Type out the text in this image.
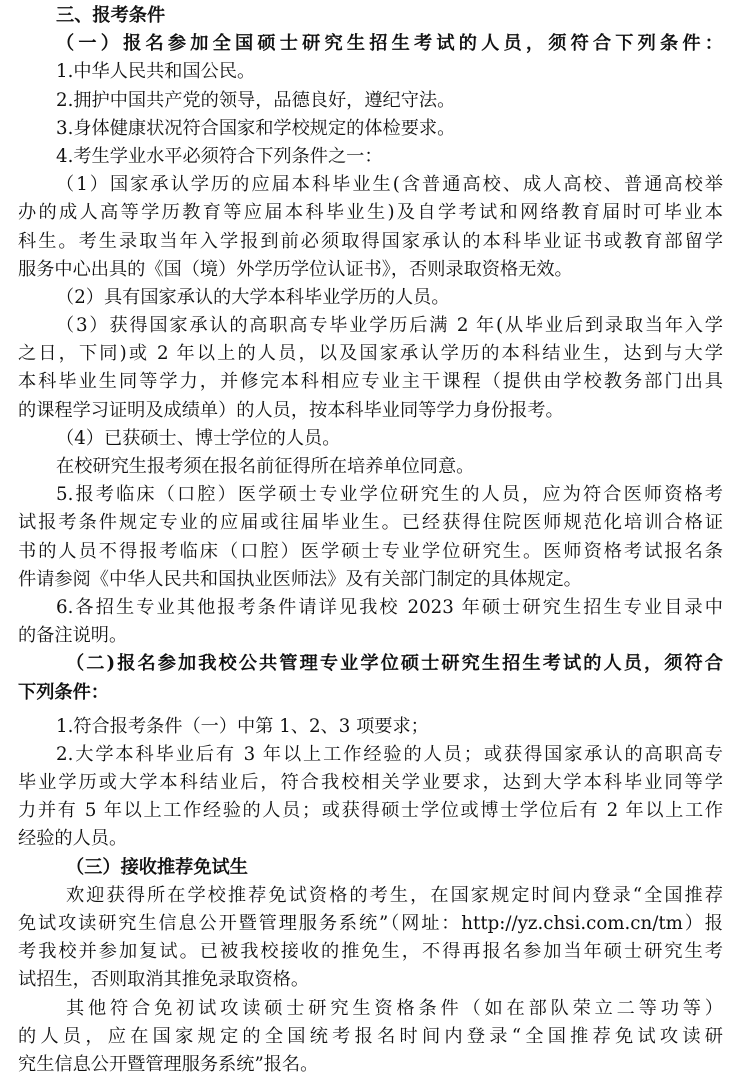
三、报考条件
（一）报名参加全国硕士研究生招生考试的人员，须符合下列条件：
1.中华人民共和国公民。
2.拥护中国共产党的领导，品德良好，遵纪守法。
3.身体健康状况符合国家和学校规定的体检要求。
4.考生学业水平必须符合下列条件之一：
（1）国家承认学历的应届本科毕业生(含普通高校、成人高校、普通高校举
办的成人高等学历教育等应届本科毕业生)及自学考试和网络教育届时可毕业本
科生。考生录取当年入学报到前必须取得国家承认的本科毕业证书或教育部留学
服务中心出具的《国（境）外学历学位认证书》，否则录取资格无效。
（2）具有国家承认的大学本科毕业学历的人员。
（3）获得国家承认的高职高专毕业学历后满 2 年(从毕业后到录取当年入学
之日，下同)或 2 年以上的人员，以及国家承认学历的本科结业生，达到与大学
本科毕业生同等学力，并修完本科相应专业主干课程（提供由学校教务部门出具
的课程学习证明及成绩单）的人员，按本科毕业同等学力身份报考。
（4）已获硕士、博士学位的人员。
在校研究生报考须在报名前征得所在培养单位同意。
5.报考临床（口腔）医学硕士专业学位研究生的人员，应为符合医师资格考
试报考条件规定专业的应届或往届毕业生。已经获得住院医师规范化培训合格证
书的人员不得报考临床（口腔）医学硕士专业学位研究生。医师资格考试报名条
件请参阅《中华人民共和国执业医师法》及有关部门制定的具体规定。
6.各招生专业其他报考条件请详见我校 2023 年硕士研究生招生专业目录中
的备注说明。
（二)报名参加我校公共管理专业学位硕士研究生招生考试的人员，须符合
下列条件：
1.符合报考条件（一）中第 1、2、3 项要求；
2.大学本科毕业后有 3 年以上工作经验的人员；或获得国家承认的高职高专
毕业学历或大学本科结业后，符合我校相关学业要求，达到大学本科毕业同等学
力并有 5 年以上工作经验的人员；或获得硕士学位或博士学位后有 2 年以上工作
经验的人员。
（三）接收推荐免试生
欢迎获得所在学校推荐免试资格的考生，在国家规定时间内登录“全国推荐
免试攻读研究生信息公开暨管理服务系统”（网址：http://yz.chsi.com.cn/tm）报
考我校并参加复试。已被我校接收的推免生，不得再报名参加当年硕士研究生考
试招生，否则取消其推免录取资格。
其他符合免初试攻读硕士研究生资格条件（如在部队荣立二等功等）
的人员，应在国家规定的全国统考报名时间内登录“全国推荐免试攻读研
究生信息公开暨管理服务系统”报名。
